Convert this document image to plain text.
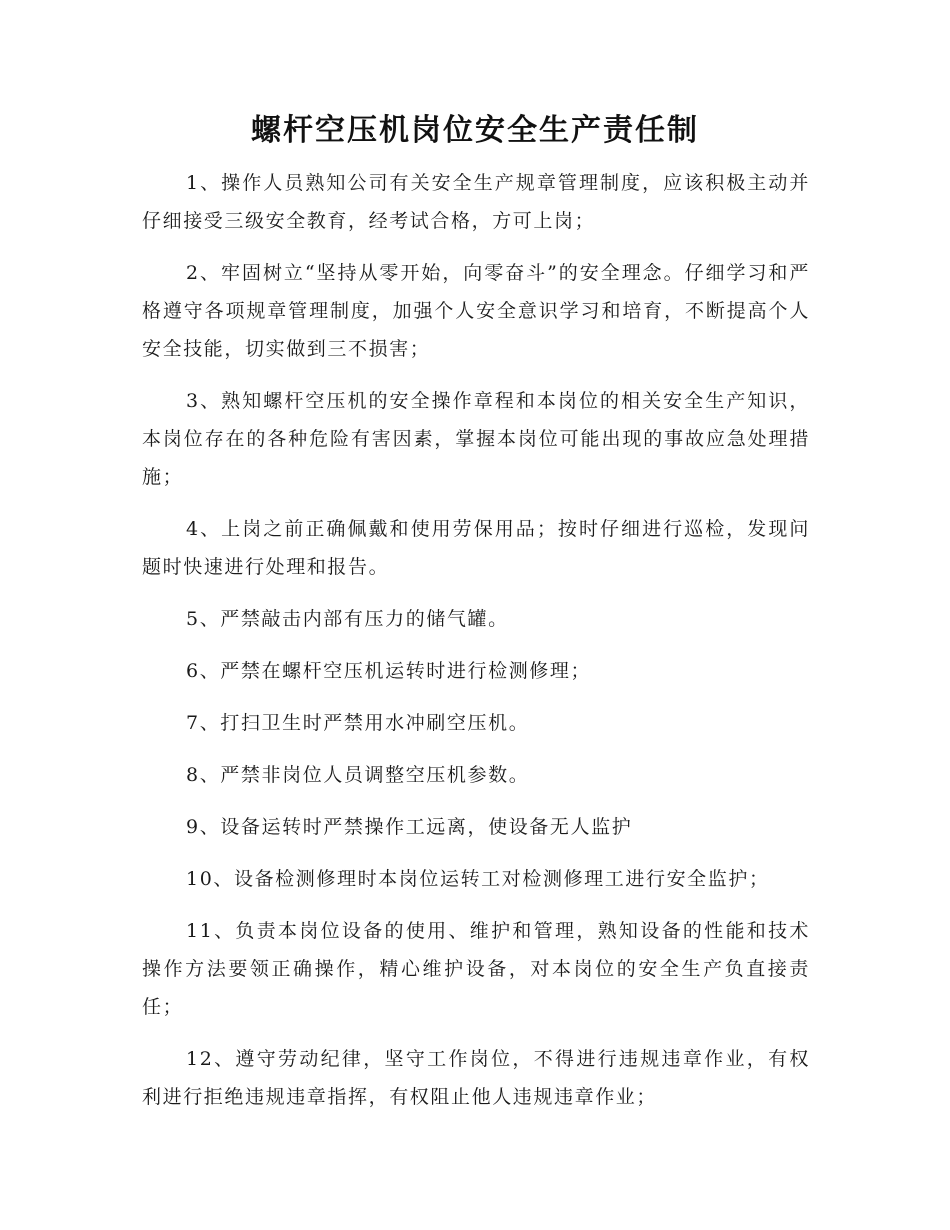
螺杆空压机岗位安全生产责任制

1、操作人员熟知公司有关安全生产规章管理制度，应该积极主动并仔细接受三级安全教育，经考试合格，方可上岗；

2、牢固树立“坚持从零开始，向零奋斗”的安全理念。仔细学习和严格遵守各项规章管理制度，加强个人安全意识学习和培育，不断提高个人安全技能，切实做到三不损害；

3、熟知螺杆空压机的安全操作章程和本岗位的相关安全生产知识，本岗位存在的各种危险有害因素，掌握本岗位可能出现的事故应急处理措施；

4、上岗之前正确佩戴和使用劳保用品；按时仔细进行巡检，发现问题时快速进行处理和报告。

5、严禁敲击内部有压力的储气罐。

6、严禁在螺杆空压机运转时进行检测修理；

7、打扫卫生时严禁用水冲刷空压机。

8、严禁非岗位人员调整空压机参数。

9、设备运转时严禁操作工远离，使设备无人监护

10、设备检测修理时本岗位运转工对检测修理工进行安全监护；

11、负责本岗位设备的使用、维护和管理，熟知设备的性能和技术操作方法要领正确操作，精心维护设备，对本岗位的安全生产负直接责任；

12、遵守劳动纪律，坚守工作岗位，不得进行违规违章作业，有权利进行拒绝违规违章指挥，有权阻止他人违规违章作业；
